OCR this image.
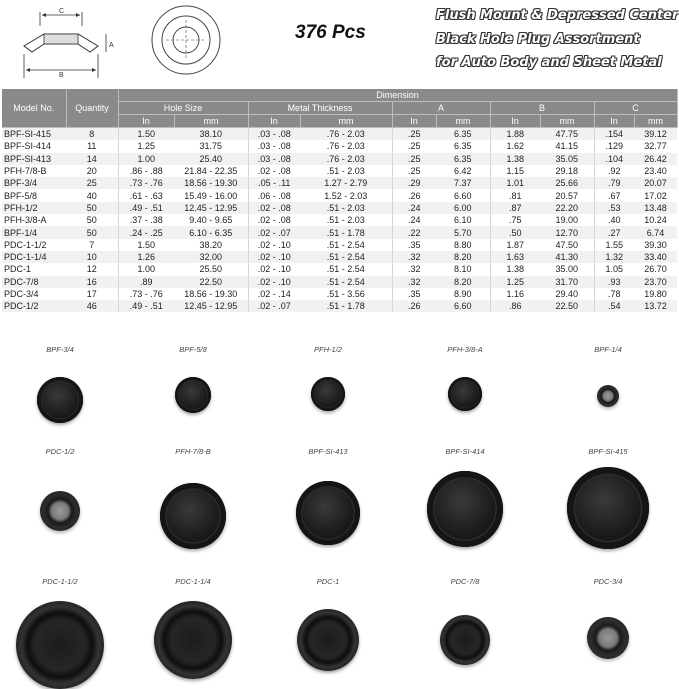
C
A
B
376 Pcs
Flush Mount & Depressed Center
Black Hole Plug Assortment
for Auto Body and Sheet Metal
Model No.	Quantity	Dimension									
		Hole Size		Metal Thickness		A		B		C	
		In	mm	In	mm	In	mm	In	mm	In	mm
BPF-SI-415	8	1.50	38.10	.03 - .08	.76 - 2.03	.25	6.35	1.88	47.75	.154	39.12
BPF-SI-414	11	1.25	31.75	.03 - .08	.76 - 2.03	.25	6.35	1.62	41.15	.129	32.77
BPF-SI-413	14	1.00	25.40	.03 - .08	.76 - 2.03	.25	6.35	1.38	35.05	.104	26.42
PFH-7/8-B	20	.86 - .88	21.84 - 22.35	.02 - .08	.51 - 2.03	.25	6.42	1.15	29.18	.92	23.40
BPF-3/4	25	.73 - .76	18.56 - 19.30	.05 - .11	1.27 - 2.79	.29	7.37	1.01	25.66	.79	20.07
BPF-5/8	40	.61 - .63	15.49 - 16.00	.06 - .08	1.52 - 2.03	.26	6.60	.81	20.57	.67	17.02
PFH-1/2	50	.49 - .51	12.45 - 12.95	.02 - .08	.51 - 2.03	.24	6.00	.87	22.20	.53	13.48
PFH-3/8-A	50	.37 - .38	9.40 - 9.65	.02 - .08	.51 - 2.03	.24	6.10	.75	19.00	.40	10.24
BPF-1/4	50	.24 - .25	6.10 - 6.35	.02 - .07	.51 - 1.78	.22	5.70	.50	12.70	.27	6.74
PDC-1-1/2	7	1.50	38.20	.02 - .10	.51 - 2.54	.35	8.80	1.87	47.50	1.55	39.30
PDC-1-1/4	10	1.26	32.00	.02 - .10	.51 - 2.54	.32	8.20	1.63	41.30	1.32	33.40
PDC-1	12	1.00	25.50	.02 - .10	.51 - 2.54	.32	8.10	1.38	35.00	1.05	26.70
PDC-7/8	16	.89	22.50	.02 - .10	.51 - 2.54	.32	8.20	1.25	31.70	.93	23.70
PDC-3/4	17	.73 - .76	18.56 - 19.30	.02 - .14	.51 - 3.56	.35	8.90	1.16	29.40	.78	19.80
PDC-1/2	46	.49 - .51	12.45 - 12.95	.02 - .07	.51 - 1.78	.26	6.60	.86	22.50	.54	13.72
BPF-3/4	BPF-5/8	PFH-1/2	PFH-3/8-A	BPF-1/4
PDC-1/2	PFH-7/8-B	BPF-SI-413	BPF-SI-414	BPF-SI-415
PDC-1-1/2	PDC-1-1/4	PDC-1	PDC-7/8	PDC-3/4
